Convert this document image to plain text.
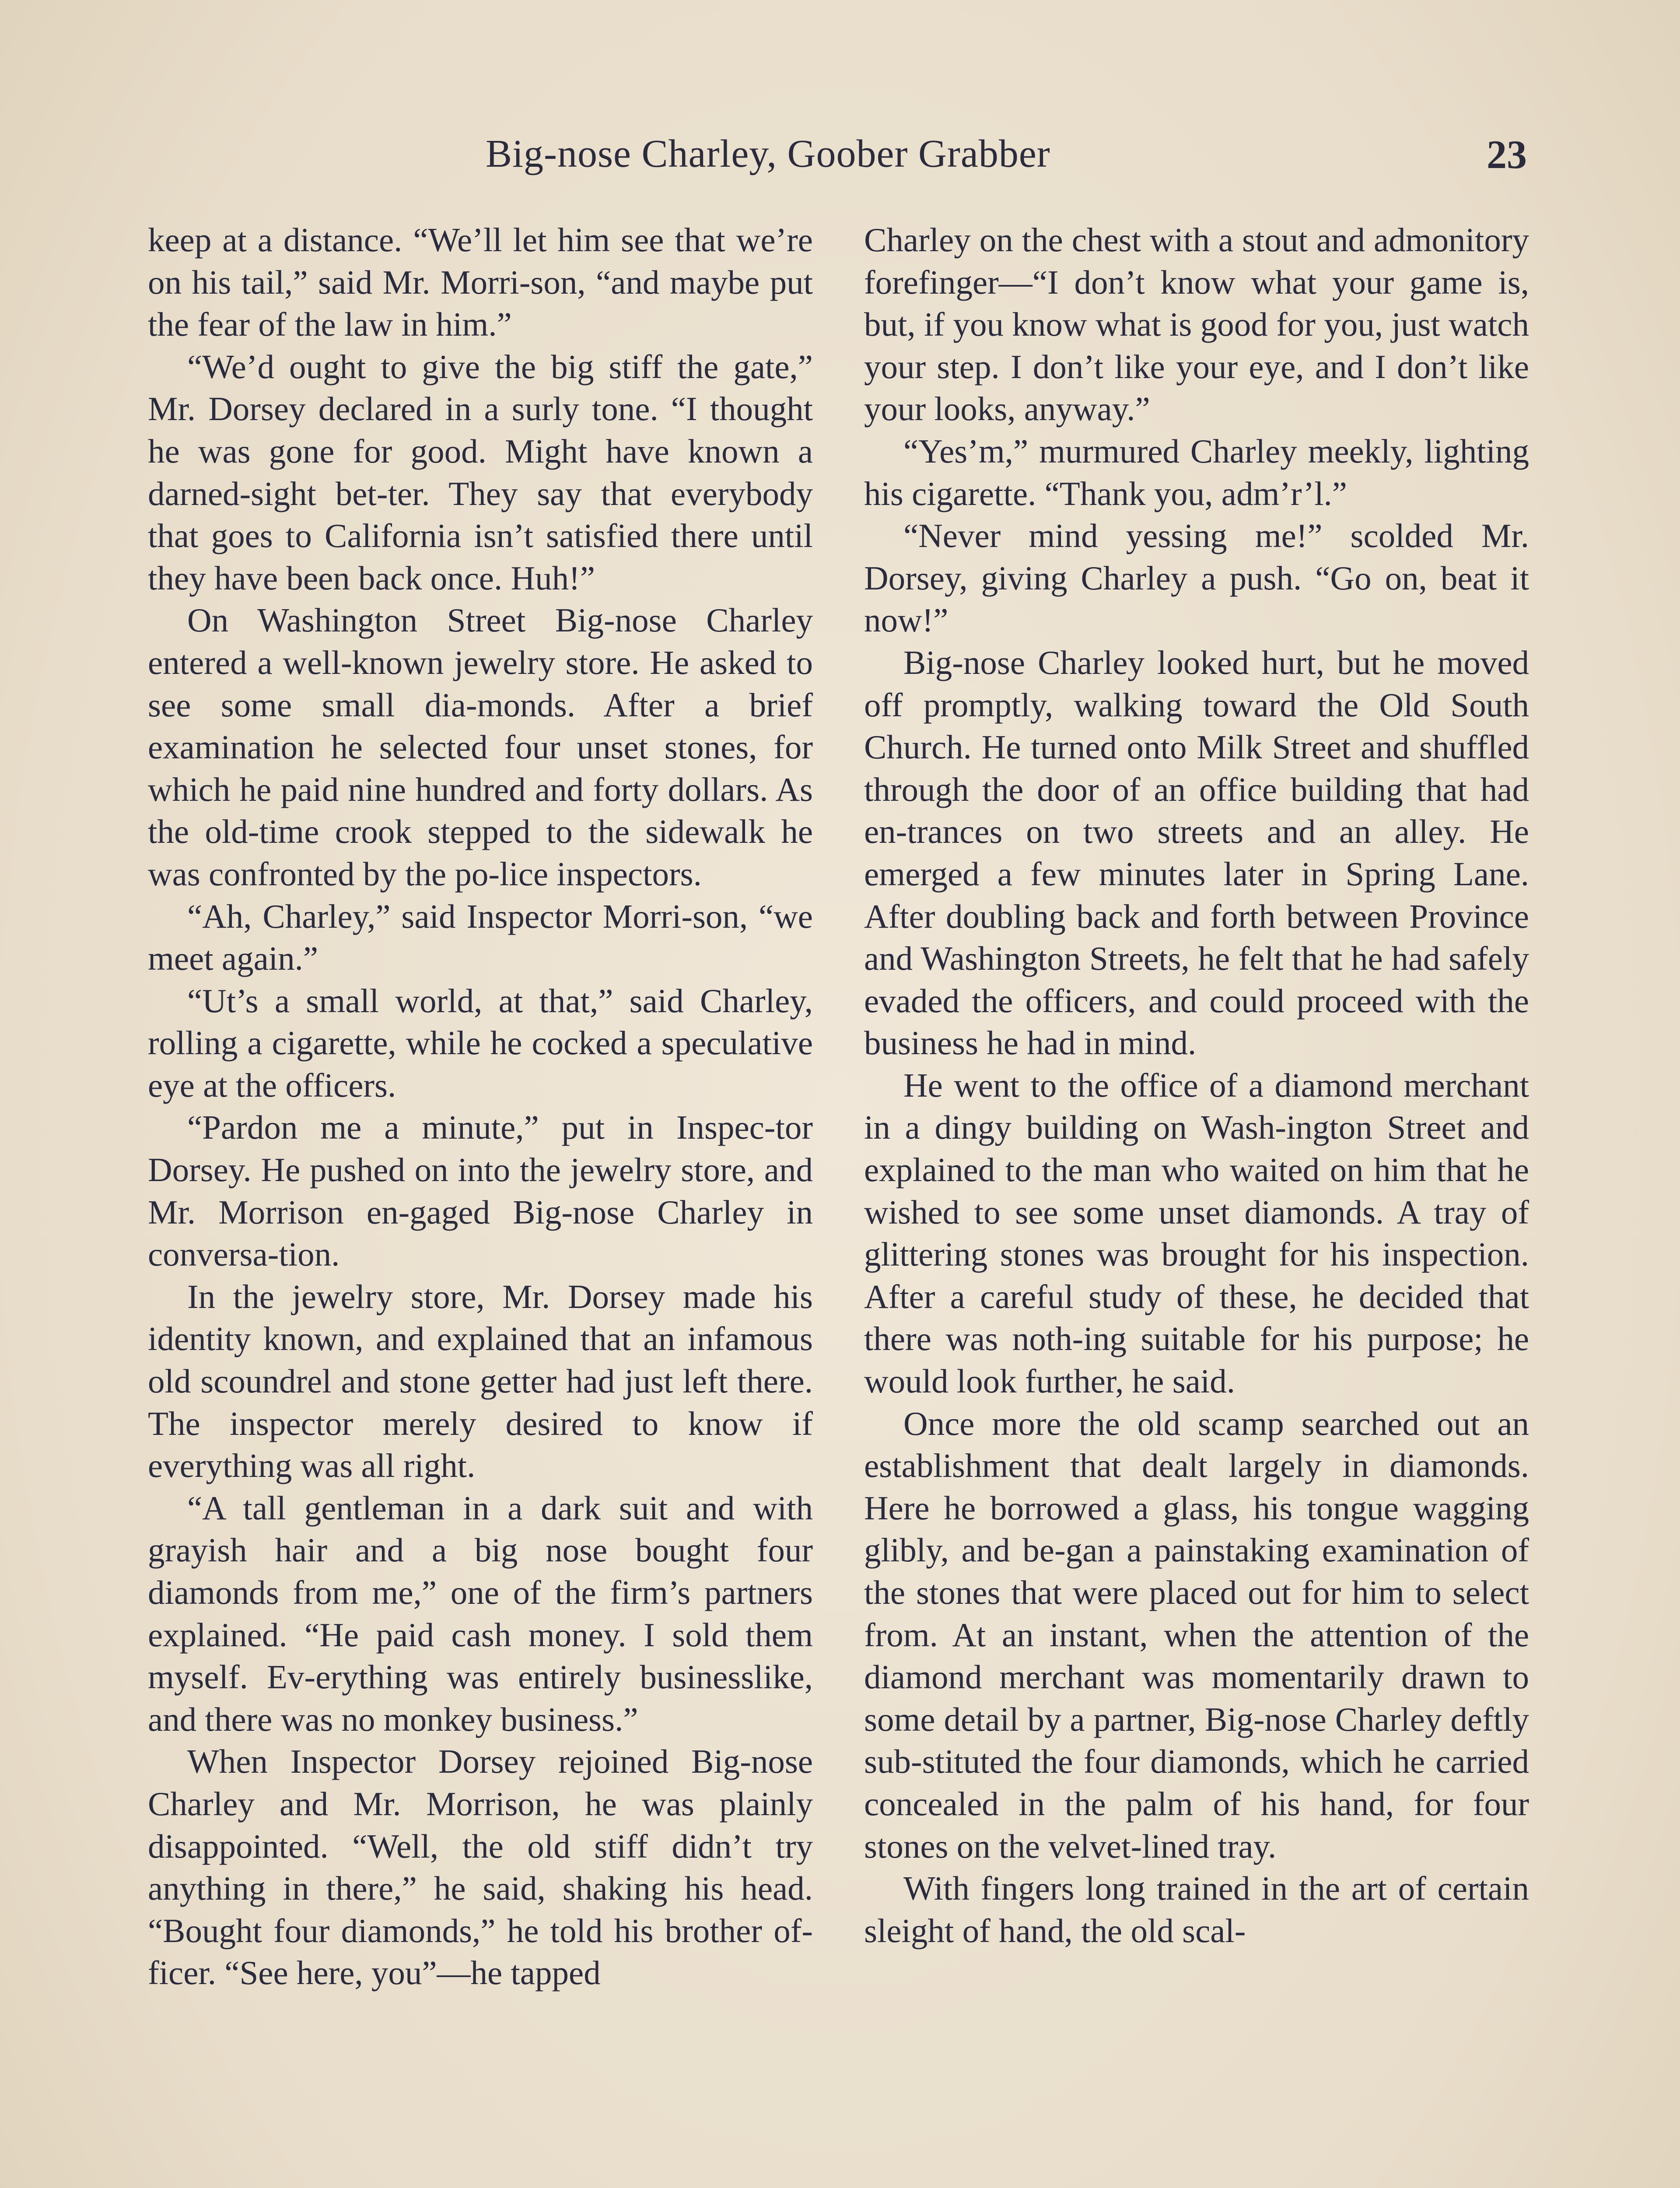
Big-nose Charley, Goober Grabber	23

keep at a distance. “We’ll let him see that we’re on his tail,” said Mr. Morri-son, “and maybe put the fear of the law in him.”

“We’d ought to give the big stiff the gate,” Mr. Dorsey declared in a surly tone. “I thought he was gone for good. Might have known a darned-sight bet-ter. They say that everybody that goes to California isn’t satisfied there until they have been back once. Huh!”

On Washington Street Big-nose Charley entered a well-known jewelry store. He asked to see some small dia-monds. After a brief examination he selected four unset stones, for which he paid nine hundred and forty dollars. As the old-time crook stepped to the sidewalk he was confronted by the po-lice inspectors.

“Ah, Charley,” said Inspector Morri-son, “we meet again.”

“Ut’s a small world, at that,” said Charley, rolling a cigarette, while he cocked a speculative eye at the officers.

“Pardon me a minute,” put in Inspec-tor Dorsey. He pushed on into the jewelry store, and Mr. Morrison en-gaged Big-nose Charley in conversa-tion.

In the jewelry store, Mr. Dorsey made his identity known, and explained that an infamous old scoundrel and stone getter had just left there. The inspector merely desired to know if everything was all right.

“A tall gentleman in a dark suit and with grayish hair and a big nose bought four diamonds from me,” one of the firm’s partners explained. “He paid cash money. I sold them myself. Ev-erything was entirely businesslike, and there was no monkey business.”

When Inspector Dorsey rejoined Big-nose Charley and Mr. Morrison, he was plainly disappointed. “Well, the old stiff didn’t try anything in there,” he said, shaking his head. “Bought four diamonds,” he told his brother of-ficer. “See here, you”—he tapped

Charley on the chest with a stout and admonitory forefinger—“I don’t know what your game is, but, if you know what is good for you, just watch your step. I don’t like your eye, and I don’t like your looks, anyway.”

“Yes’m,” murmured Charley meekly, lighting his cigarette. “Thank you, adm’r’l.”

“Never mind yessing me!” scolded Mr. Dorsey, giving Charley a push. “Go on, beat it now!”

Big-nose Charley looked hurt, but he moved off promptly, walking toward the Old South Church. He turned onto Milk Street and shuffled through the door of an office building that had en-trances on two streets and an alley. He emerged a few minutes later in Spring Lane. After doubling back and forth between Province and Washington Streets, he felt that he had safely evaded the officers, and could proceed with the business he had in mind.

He went to the office of a diamond merchant in a dingy building on Wash-ington Street and explained to the man who waited on him that he wished to see some unset diamonds. A tray of glittering stones was brought for his inspection. After a careful study of these, he decided that there was noth-ing suitable for his purpose; he would look further, he said.

Once more the old scamp searched out an establishment that dealt largely in diamonds. Here he borrowed a glass, his tongue wagging glibly, and be-gan a painstaking examination of the stones that were placed out for him to select from. At an instant, when the attention of the diamond merchant was momentarily drawn to some detail by a partner, Big-nose Charley deftly sub-stituted the four diamonds, which he carried concealed in the palm of his hand, for four stones on the velvet-lined tray.

With fingers long trained in the art of certain sleight of hand, the old scal-
